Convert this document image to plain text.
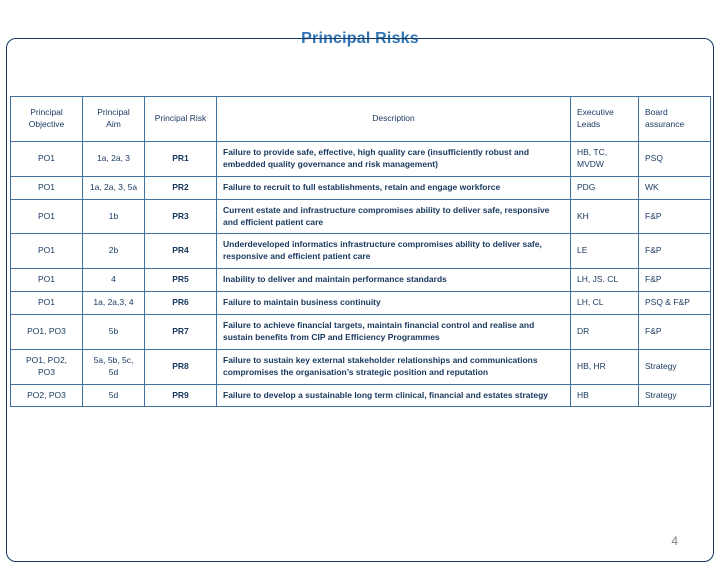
Principal Risks
Principal Objective	Principal Aim	Principal Risk	Description	Executive Leads	Board assurance
PO1	1a, 2a, 3	PR1	Failure to provide safe, effective, high quality care (insufficiently robust and embedded quality governance and risk management)	HB, TC, MVDW	PSQ
PO1	1a, 2a, 3, 5a	PR2	Failure to recruit to full establishments, retain and engage workforce	PDG	WK
PO1	1b	PR3	Current estate and infrastructure compromises ability to deliver safe, responsive and efficient patient care	KH	F&P
PO1	2b	PR4	Underdeveloped informatics infrastructure compromises ability to deliver safe, responsive and efficient patient care	LE	F&P
PO1	4	PR5	Inability to deliver and maintain performance standards	LH, JS. CL	F&P
PO1	1a, 2a,3, 4	PR6	Failure to maintain business continuity	LH, CL	PSQ & F&P
PO1, PO3	5b	PR7	Failure to achieve financial targets, maintain financial control and realise and sustain benefits from CIP and Efficiency Programmes	DR	F&P
PO1, PO2, PO3	5a, 5b, 5c, 5d	PR8	Failure to sustain key external stakeholder relationships and communications compromises the organisation’s strategic position and reputation	HB, HR	Strategy
PO2, PO3	5d	PR9	Failure to develop a sustainable long term clinical, financial and estates strategy	HB	Strategy
4
